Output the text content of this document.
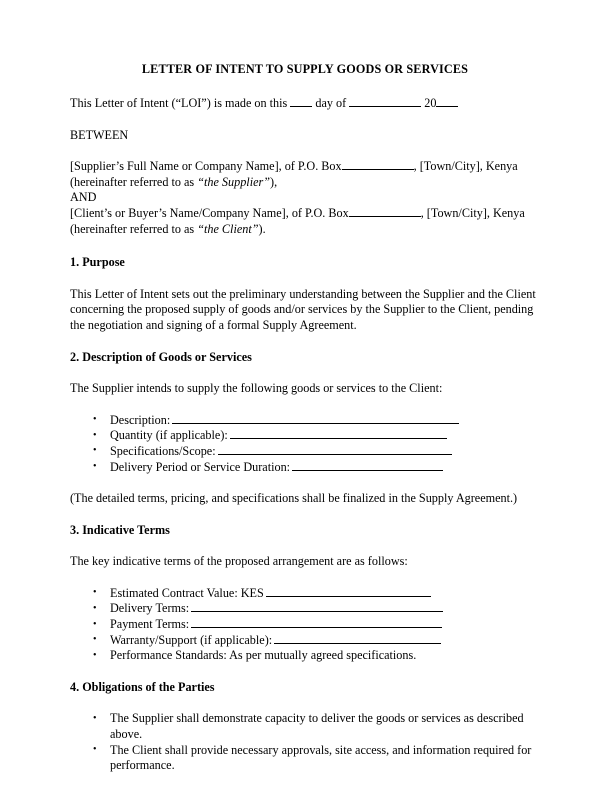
LETTER OF INTENT TO SUPPLY GOODS OR SERVICES

This Letter of Intent (“LOI”) is made on this day of	20

BETWEEN

[Supplier’s Full Name or Company Name], of P.O. Box	, [Town/City], Kenya

(hereinafter referred to as “the Supplier”),

AND

[Client’s or Buyer’s Name/Company Name], of P.O. Box	, [Town/City], Kenya

(hereinafter referred to as “the Client”).

1. Purpose

This Letter of Intent sets out the preliminary understanding between the Supplier and the Client concerning the proposed supply of goods and/or services by the Supplier to the Client, pending the negotiation and signing of a formal Supply Agreement.

2. Description of Goods or Services

The Supplier intends to supply the following goods or services to the Client:

• Description:
• Quantity (if applicable):
• Specifications/Scope:
• Delivery Period or Service Duration:

(The detailed terms, pricing, and specifications shall be finalized in the Supply Agreement.)

3. Indicative Terms

The key indicative terms of the proposed arrangement are as follows:

• Estimated Contract Value: KES
• Delivery Terms:
• Payment Terms:
• Warranty/Support (if applicable):
• Performance Standards: As per mutually agreed specifications.
4. Obligations of the Parties
• The Supplier shall demonstrate capacity to deliver the goods or services as described above.
• The Client shall provide necessary approvals, site access, and information required for performance.
